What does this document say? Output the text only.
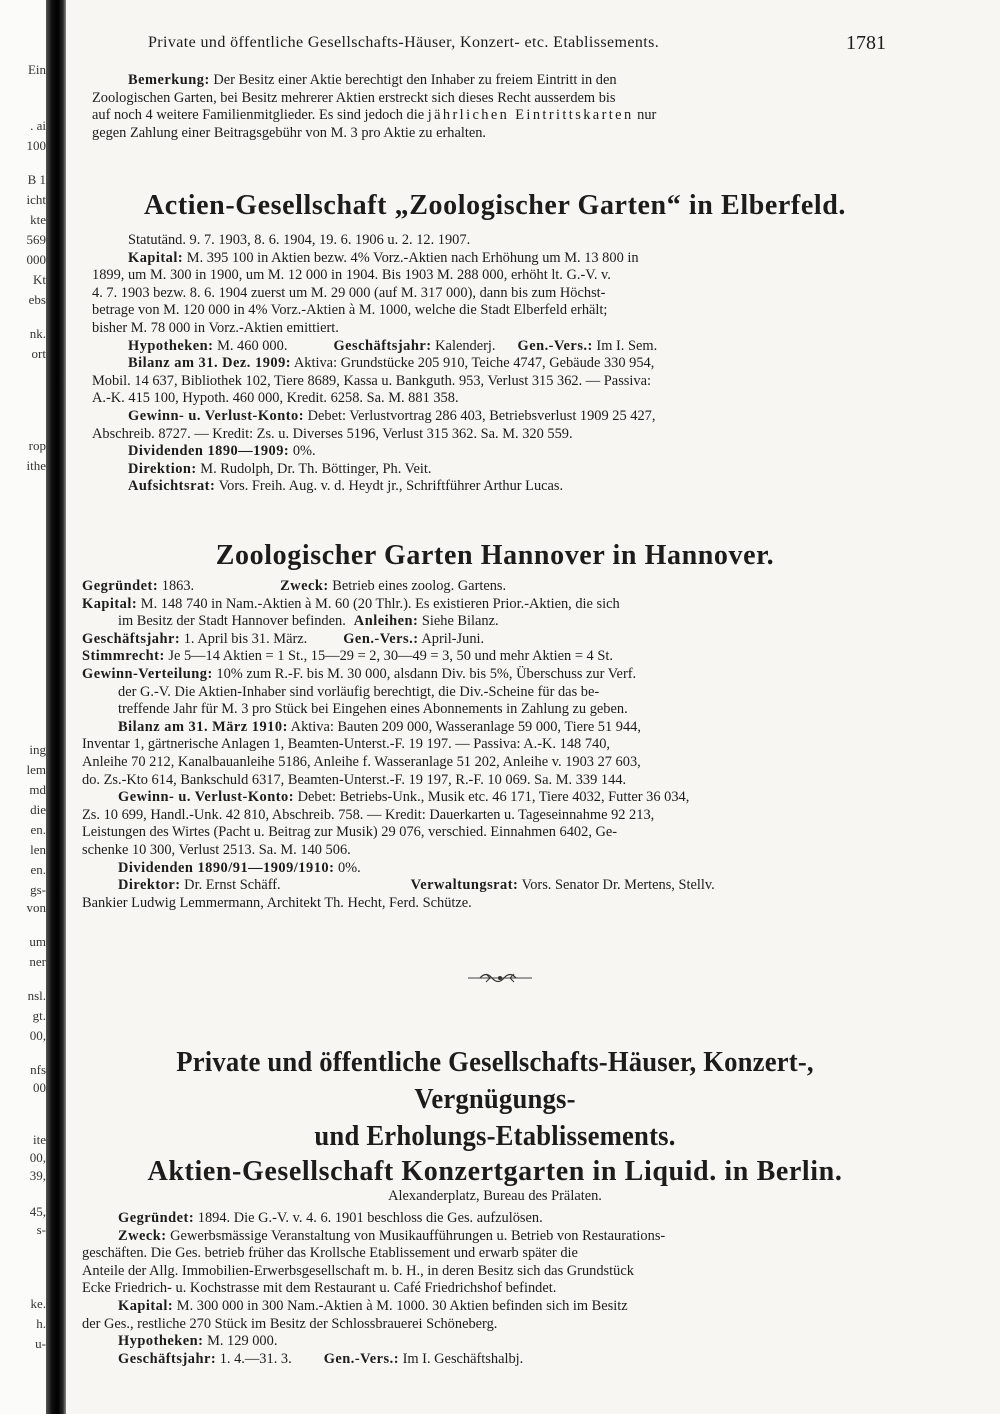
Ein
. ai
100
B 1
icht
kte
569
000
Kt
ebs
nk.
ort
rop
ithe
ing
lem
md
die
en.
len
en.
gs-
von
um
ner
nsl.
gt.
00,
nfs
00
ite
00,
39,
45,
s-
ke.
h.
u-
Private und öffentliche Gesellschafts-Häuser, Konzert- etc. Etablissements.	1781
Bemerkung: Der Besitz einer Aktie berechtigt den Inhaber zu freiem Eintritt in den
Zoologischen Garten, bei Besitz mehrerer Aktien erstreckt sich dieses Recht ausserdem bis
auf noch 4 weitere Familienmitglieder. Es sind jedoch die jährlichen Eintrittskarten nur
gegen Zahlung einer Beitragsgebühr von M. 3 pro Aktie zu erhalten.
Actien-Gesellschaft „Zoologischer Garten“ in Elberfeld.
Statutänd. 9. 7. 1903, 8. 6. 1904, 19. 6. 1906 u. 2. 12. 1907.
Kapital: M. 395 100 in Aktien bezw. 4% Vorz.-Aktien nach Erhöhung um M. 13 800 in
1899, um M. 300 in 1900, um M. 12 000 in 1904. Bis 1903 M. 288 000, erhöht lt. G.-V. v.
4. 7. 1903 bezw. 8. 6. 1904 zuerst um M. 29 000 (auf M. 317 000), dann bis zum Höchst-
betrage von M. 120 000 in 4% Vorz.-Aktien à M. 1000, welche die Stadt Elberfeld erhält;
bisher M. 78 000 in Vorz.-Aktien emittiert.
Hypotheken: M. 460 000.	Geschäftsjahr: Kalenderj. Gen.-Vers.: Im I. Sem.
Bilanz am 31. Dez. 1909: Aktiva: Grundstücke 205 910, Teiche 4747, Gebäude 330 954,
Mobil. 14 637, Bibliothek 102, Tiere 8689, Kassa u. Bankguth. 953, Verlust 315 362. — Passiva:
A.-K. 415 100, Hypoth. 460 000, Kredit. 6258. Sa. M. 881 358.
Gewinn- u. Verlust-Konto: Debet: Verlustvortrag 286 403, Betriebsverlust 1909 25 427,
Abschreib. 8727. — Kredit: Zs. u. Diverses 5196, Verlust 315 362. Sa. M. 320 559.
Dividenden 1890—1909: 0%.
Direktion: M. Rudolph, Dr. Th. Böttinger, Ph. Veit.
Aufsichtsrat: Vors. Freih. Aug. v. d. Heydt jr., Schriftführer Arthur Lucas.
Zoologischer Garten Hannover in Hannover.
Gegründet: 1863.	Zweck: Betrieb eines zoolog. Gartens.
Kapital: M. 148 740 in Nam.-Aktien à M. 60 (20 Thlr.). Es existieren Prior.-Aktien, die sich
im Besitz der Stadt Hannover befinden. Anleihen: Siehe Bilanz.
Geschäftsjahr: 1. April bis 31. März.	Gen.-Vers.: April-Juni.
Stimmrecht: Je 5—14 Aktien = 1 St., 15—29 = 2, 30—49 = 3, 50 und mehr Aktien = 4 St.
Gewinn-Verteilung: 10% zum R.-F. bis M. 30 000, alsdann Div. bis 5%, Überschuss zur Verf.
der G.-V. Die Aktien-Inhaber sind vorläufig berechtigt, die Div.-Scheine für das be-
treffende Jahr für M. 3 pro Stück bei Eingehen eines Abonnements in Zahlung zu geben.
Bilanz am 31. März 1910: Aktiva: Bauten 209 000, Wasseranlage 59 000, Tiere 51 944,
Inventar 1, gärtnerische Anlagen 1, Beamten-Unterst.-F. 19 197. — Passiva: A.-K. 148 740,
Anleihe 70 212, Kanalbauanleihe 5186, Anleihe f. Wasseranlage 51 202, Anleihe v. 1903 27 603,
do. Zs.-Kto 614, Bankschuld 6317, Beamten-Unterst.-F. 19 197, R.-F. 10 069. Sa. M. 339 144.
Gewinn- u. Verlust-Konto: Debet: Betriebs-Unk., Musik etc. 46 171, Tiere 4032, Futter 36 034,
Zs. 10 699, Handl.-Unk. 42 810, Abschreib. 758. — Kredit: Dauerkarten u. Tageseinnahme 92 213,
Leistungen des Wirtes (Pacht u. Beitrag zur Musik) 29 076, verschied. Einnahmen 6402, Ge-
schenke 10 300, Verlust 2513. Sa. M. 140 506.
Dividenden 1890/91—1909/1910: 0%.
Direktor: Dr. Ernst Schäff.	Verwaltungsrat: Vors. Senator Dr. Mertens, Stellv.
Bankier Ludwig Lemmermann, Architekt Th. Hecht, Ferd. Schütze.
Private und öffentliche Gesellschafts-Häuser, Konzert-, Vergnügungs-
und Erholungs-Etablissements.
Aktien-Gesellschaft Konzertgarten in Liquid. in Berlin.
Alexanderplatz, Bureau des Prälaten.
Gegründet: 1894. Die G.-V. v. 4. 6. 1901 beschloss die Ges. aufzulösen.
Zweck: Gewerbsmässige Veranstaltung von Musikaufführungen u. Betrieb von Restaurations-
geschäften. Die Ges. betrieb früher das Krollsche Etablissement und erwarb später die
Anteile der Allg. Immobilien-Erwerbsgesellschaft m. b. H., in deren Besitz sich das Grundstück
Ecke Friedrich- u. Kochstrasse mit dem Restaurant u. Café Friedrichshof befindet.
Kapital: M. 300 000 in 300 Nam.-Aktien à M. 1000. 30 Aktien befinden sich im Besitz
der Ges., restliche 270 Stück im Besitz der Schlossbrauerei Schöneberg.
Hypotheken: M. 129 000.
Geschäftsjahr: 1. 4.—31. 3. Gen.-Vers.: Im I. Geschäftshalbj.
